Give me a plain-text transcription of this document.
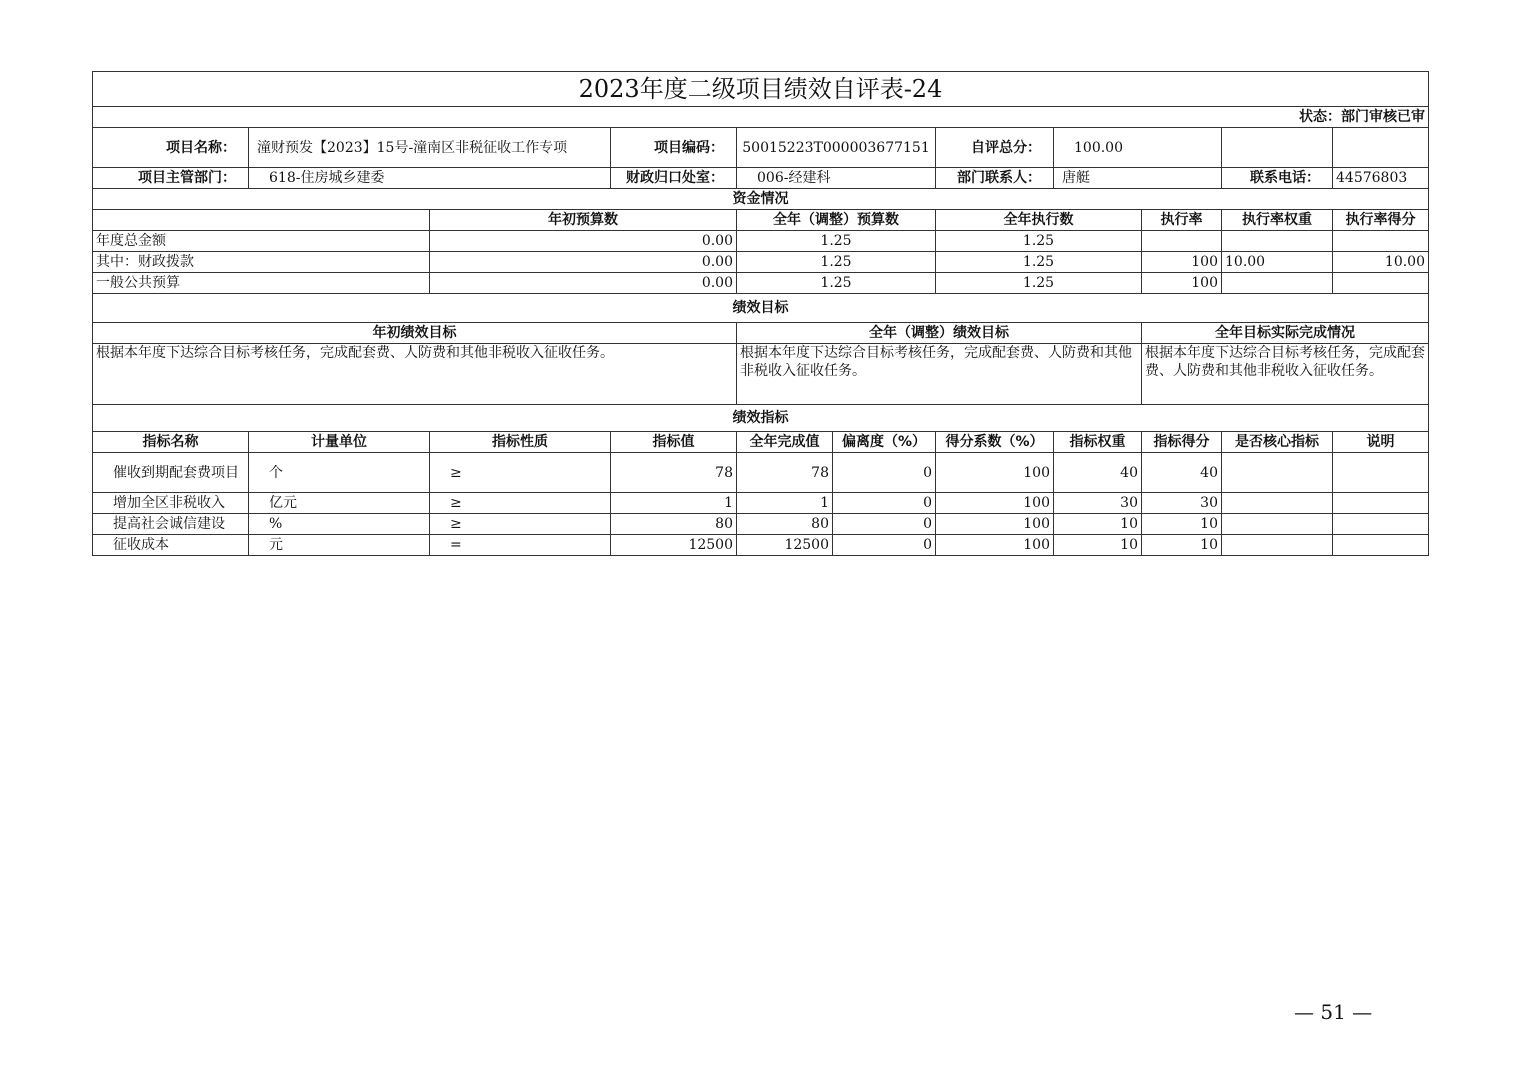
2023年度二级项目绩效自评表-24										
状态：部门审核已审										
项目名称：	潼财预发【2023】15号-潼南区非税征收工作专项		项目编码：	50015223T000003677151		自评总分：	100.00			
项目主管部门：	618-住房城乡建委		财政归口处室：	006-经建科		部门联系人：	唐艇		联系电话：	44576803
资金情况										
		年初预算数		全年（调整）预算数		全年执行数		执行率	执行率权重	执行率得分
年度总金额		0.00		1.25		1.25				
其中：财政拨款		0.00		1.25		1.25		100	10.00	10.00
一般公共预算		0.00		1.25		1.25		100		
绩效目标										
年初绩效目标				全年（调整）绩效目标				全年目标实际完成情况		
根据本年度下达综合目标考核任务，完成配套费、人防费和其他非税收入征收任务。				根据本年度下达综合目标考核任务，完成配套费、人防费和其他非税收入征收任务。				根据本年度下达综合目标考核任务，完成配套费、人防费和其他非税收入征收任务。		
绩效指标										
指标名称	计量单位	指标性质	指标值	全年完成值	偏离度（%）	得分系数（%）	指标权重	指标得分	是否核心指标	说明
催收到期配套费项目	个	≥	78	78	0	100	40	40		
增加全区非税收入	亿元	≥	1	1	0	100	30	30		
提高社会诚信建设	%	≥	80	80	0	100	10	10		
征收成本	元	=	12500	12500	0	100	10	10		
— 51 —
